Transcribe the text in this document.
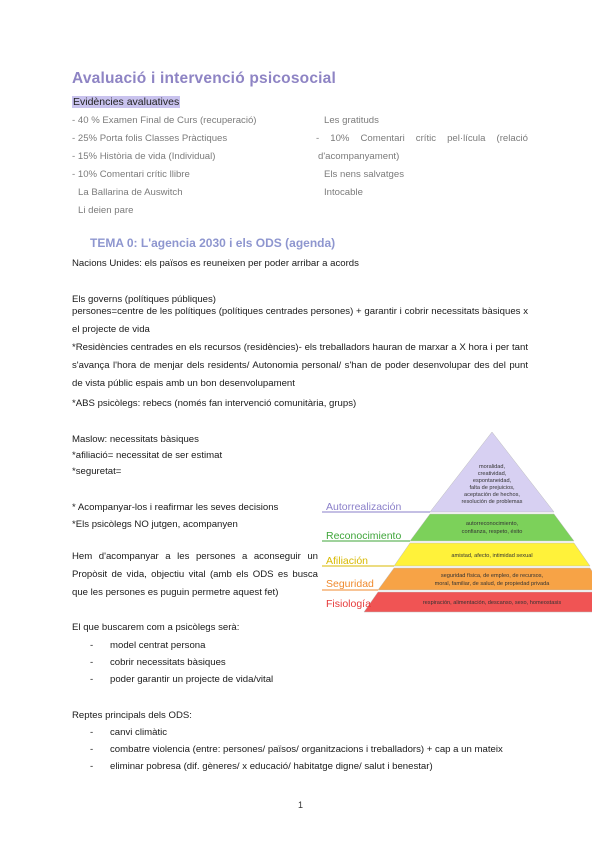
Avaluació i intervenció psicosocial
Evidències avaluatives
- 40 % Examen Final de Curs (recuperació)
- 25% Porta folis Classes Pràctiques
- 15% Història de vida (Individual)
- 10% Comentari crític llibre
La Ballarina de Auswitch
Li deien pare
Les gratituds
- 10% Comentari crític pel·lícula (relació
d'acompanyament)
Els nens salvatges
Intocable
TEMA 0: L'agencia 2030 i els ODS (agenda)
Nacions Unides: els països es reuneixen per poder arribar a acords
Els governs (polítiques públiques)
persones=centre de les polítiques (polítiques centrades persones) + garantir i cobrir necessitats bàsiques x el projecte de vida
*Residències centrades en els recursos (residències)- els treballadors hauran de marxar a X hora i per tant s'avança l'hora de menjar dels residents/ Autonomia personal/ s'han de poder desenvolupar des del punt de vista públic espais amb un bon desenvolupament
*ABS psicòlegs: rebecs (només fan intervenció comunitària, grups)
Maslow: necessitats bàsiques
*afiliació= necessitat de ser estimat
*seguretat=
* Acompanyar-los i reafirmar les seves decisions
*Els psicòlegs NO jutgen, acompanyen
Hem d'acompanyar a les persones a aconseguir un Propòsit de vida, objectiu vital (amb els ODS es busca que les persones es puguin permetre aquest fet)
Autorrealización
Reconocimiento
Afiliación
Seguridad
Fisiología
moralidad,
creatividad,
espontaneidad,
falta de prejuicios,
aceptación de hechos,
resolución de problemas
autorreconocimiento,
confianza, respeto, éxito
amistad, afecto, intimidad sexual
seguridad física, de empleo, de recursos,
moral, familiar, de salud, de propiedad privada
respiración, alimentación, descanso, sexo, homeostasis
El que buscarem com a psicòlegs serà:
- model centrat persona
- cobrir necessitats bàsiques
- poder garantir un projecte de vida/vital
Reptes principals dels ODS:
- canvi climàtic
- combatre violencia (entre: persones/ països/ organitzacions i treballadors) + cap a un mateix
- eliminar pobresa (dif. gèneres/ x educació/ habitatge digne/ salut i benestar)
1
